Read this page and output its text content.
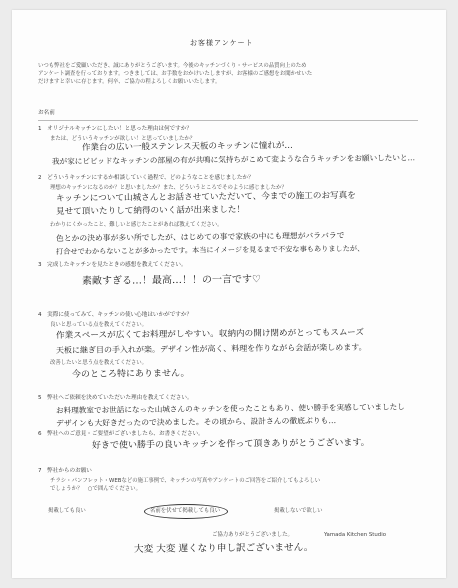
お客様アンケート
いつも弊社をご愛顧いただき、誠にありがとうございます。今後のキッチンづくり・サービスの品質向上のため
アンケート調査を行っております。つきましては、お手数をおかけいたしますが、お客様のご感想をお聞かせいた
だけますと幸いに存じます。何卒、ご協力の程よろしくお願いいたします。
お名前
1　オリジナルキッチンにしたい！と思った理由は何ですか？
または、どういうキッチンが欲しい！と思っていましたか？
作業台の広い一般ステンレス天板のキッチンに憧れが…
我が家にビビッドなキッチンの部屋の有が共鳴に気持ちがこめて変ような合うキッチンをお願いしたいと…
2　どういうキッチンにするか相談していく過程で、どのようなことを感じましたか？
理想のキッチンになるのか？と思いましたか？また、どういうところでそのように感じましたか？
キッチンについて山城さんとお話させていただいて、今までの施工のお写真を
見せて頂いたりして納得のいく話が出来ました！
わかりにくかったこと、難しいと感じたことがあれば教えてください。
色とかの決め事が多い所でしたが、はじめての事で家族の中にも理想がバラバラで
打合せでわからないことが多かったです。本当にイメージを見るまで不安な事もありましたが、
3　完成したキッチンを見たときの感想を教えてください。
素敵すぎる…！最高…！！の一言です♡
4　実際に使ってみて、キッチンの使い心地はいかがですか？
良いと思っている点を教えてください。
作業スペースが広くてお料理がしやすい。収納内の開け閉めがとってもスムーズ
天板に継ぎ目の手入れが楽。デザイン性が高く、料理を作りながら会話が楽しめます。
改善したいと思う点を教えてください。
今のところ特にありません。
5　弊社へご依頼を決めていただいた理由を教えてください。
お料理教室でお世話になった山城さんのキッチンを使ったこともあり、使い勝手を実感していましたし
デザインも大好きだったので決めました。その頃から、設計さんの徹底ぶりも…
6　弊社へのご意見・ご要望がございましたら、お書きください。
好きで使い勝手の良いキッチンを作って頂きありがとうございます。
7　弊社からのお願い
チラシ・パンフレット・WEBなどの施工事例で、キッチンの写真やアンケートのご回答をご紹介してもよろしい
でしょうか？　○で囲んでください。
掲載しても良い	名前を伏せて掲載しても良い	掲載しないで欲しい
ご協力ありがとうございました。	Yamada Kitchen Studio
大変 大変 遅くなり申し訳ございません。
